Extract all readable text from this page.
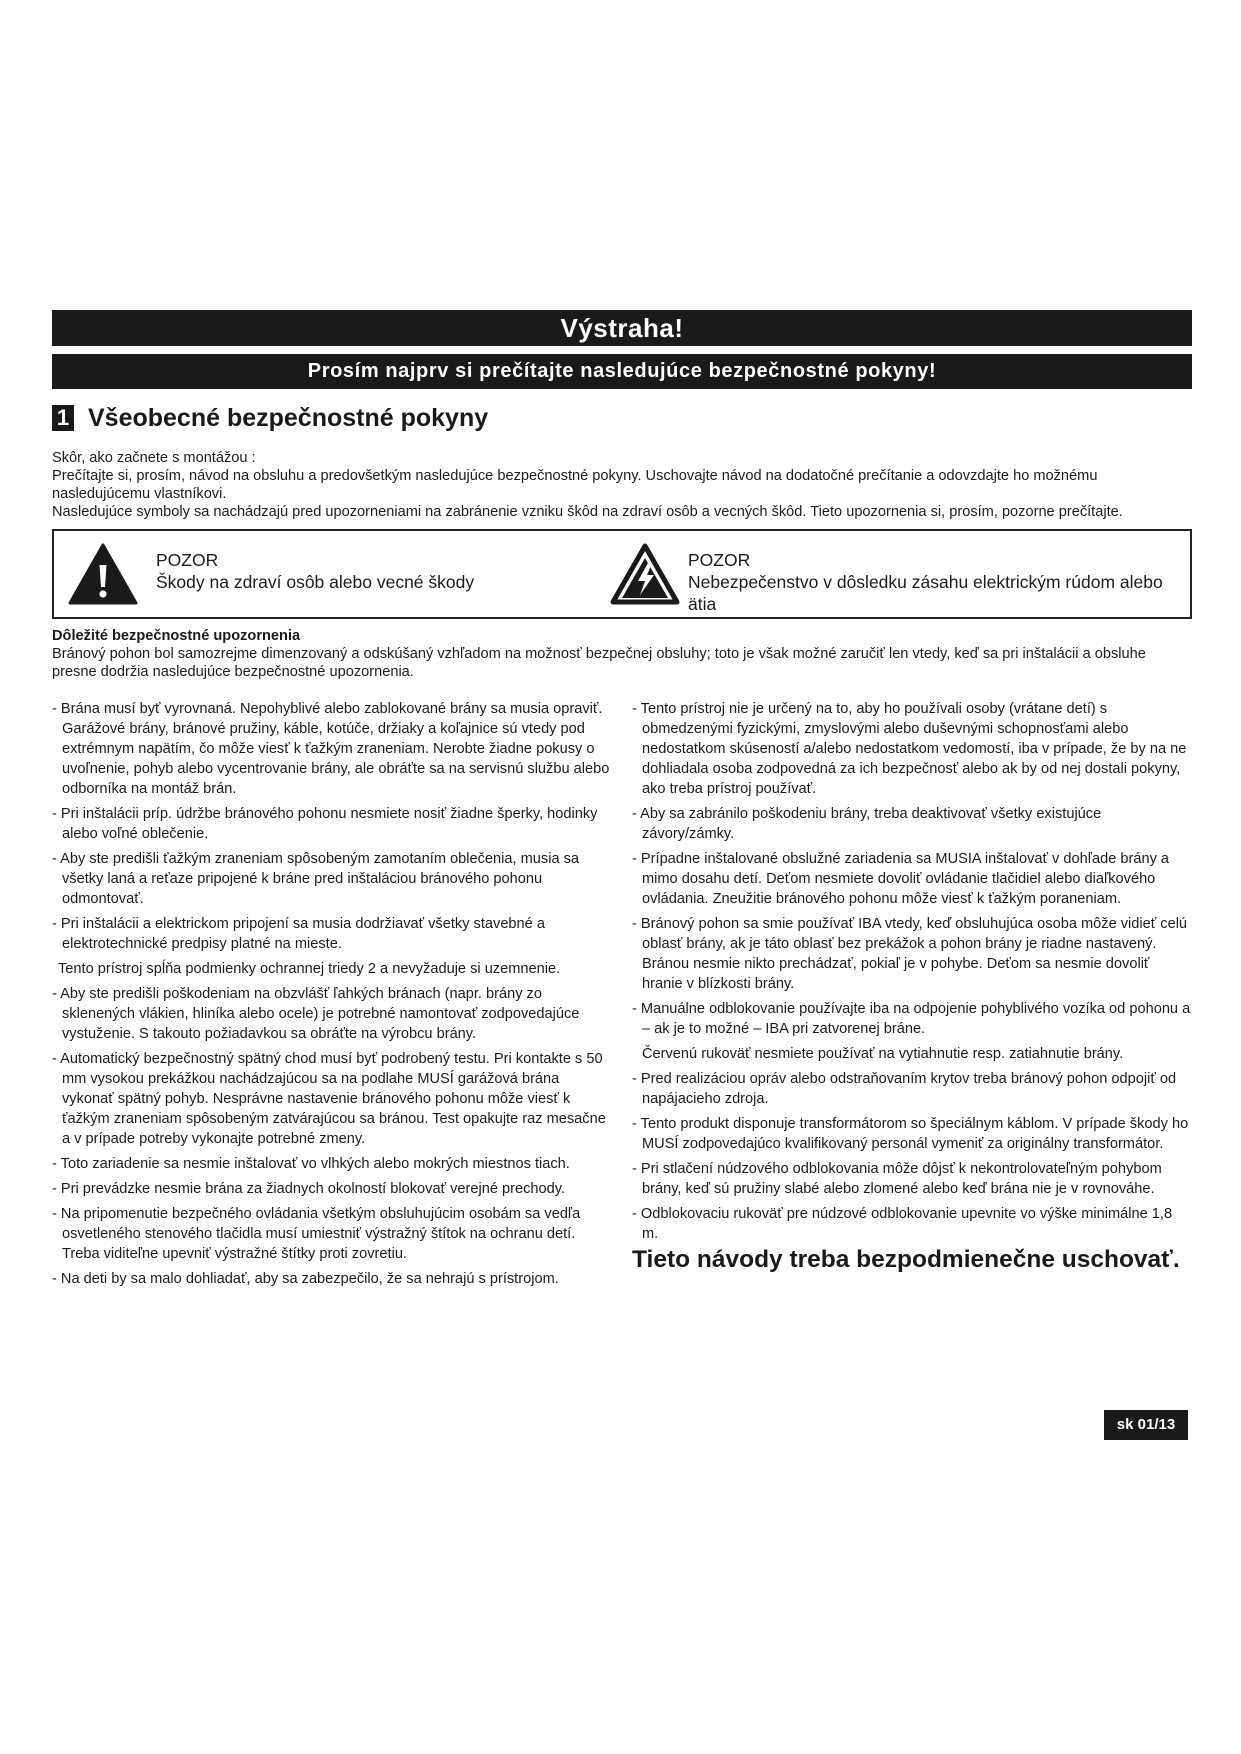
Výstraha!
Prosím najprv si prečítajte nasledujúce bezpečnostné pokyny!
1 Všeobecné bezpečnostné pokyny

Skôr, ako začnete s montážou :

Prečítajte si, prosím, návod na obsluhu a predovšetkým nasledujúce bezpečnostné pokyny. Uschovajte návod na dodatočné prečítanie a odovzdajte ho možnému nasledujúcemu vlastníkovi.

Nasledujúce symboly sa nachádzajú pred upozorneniami na zabránenie vzniku škôd na zdraví osôb a vecných škôd. Tieto upozornenia si, prosím, pozorne prečítajte.

POZOR
Škody na zdraví osôb alebo vecné škody
POZOR
Nebezpečenstvo v dôsledku zásahu elektrickým rúdom alebo ätia
Dôležité bezpečnostné upozornenia
Bránový pohon bol samozrejme dimenzovaný a odskúšaný vzhľadom na možnosť bezpečnej obsluhy; toto je však možné zaručiť len vtedy, keď sa pri inštalácii a obsluhe presne dodržia nasledujúce bezpečnostné upozornenia.
- Brána musí byť vyrovnaná. Nepohyblivé alebo zablokované brány sa musia opraviť. Garážové brány, bránové pružiny, káble, kotúče, držiaky a koľajnice sú vtedy pod extrémnym napätím, čo môže viesť k ťažkým zraneniam. Nerobte žiadne pokusy o uvoľnenie, pohyb alebo vycentrovanie brány, ale obráťte sa na servisnú službu alebo odborníka na montáž brán.
- Pri inštalácii príp. údržbe bránového pohonu nesmiete nosiť žiadne šperky, hodinky alebo voľné oblečenie.
- Aby ste predišli ťažkým zraneniam spôsobeným zamotaním oblečenia, musia sa všetky laná a reťaze pripojené k bráne pred inštaláciou bránového pohonu odmontovať.
- Pri inštalácii a elektrickom pripojení sa musia dodržiavať všetky stavebné a elektrotechnické predpisy platné na mieste.
Tento prístroj spĺňa podmienky ochrannej triedy 2 a nevyžaduje si uzemnenie.
- Aby ste predišli poškodeniam na obzvlášť ľahkých bránach (napr. brány zo sklenených vlákien, hliníka alebo ocele) je potrebné namontovať zodpovedajúce vystuženie. S takouto požiadavkou sa obráťte na výrobcu brány.
- Automatický bezpečnostný spätný chod musí byť podrobený testu. Pri kontakte s 50 mm vysokou prekážkou nachádzajúcou sa na podlahe MUSÍ garážová brána vykonať spätný pohyb. Nesprávne nastavenie bránového pohonu môže viesť k ťažkým zraneniam spôsobeným zatvárajúcou sa bránou. Test opakujte raz mesačne a v prípade potreby vykonajte potrebné zmeny.
- Toto zariadenie sa nesmie inštalovať vo vlhkých alebo mokrých miestnos tiach.
- Pri prevádzke nesmie brána za žiadnych okolností blokovať verejné prechody.
- Na pripomenutie bezpečného ovládania všetkým obsluhujúcim osobám sa vedľa osvetleného stenového tlačidla musí umiestniť výstražný štítok na ochranu detí. Treba viditeľne upevniť výstražné štítky proti zovretiu.
- Na deti by sa malo dohliadať, aby sa zabezpečilo, že sa nehrajú s prístrojom.
- Tento prístroj nie je určený na to, aby ho používali osoby (vrátane detí) s obmedzenými fyzickými, zmyslovými alebo duševnými schopnosťami alebo nedostatkom skúseností a/alebo nedostatkom vedomostí, iba v prípade, že by na ne dohliadala osoba zodpovedná za ich bezpečnosť alebo ak by od nej dostali pokyny, ako treba prístroj používať.
- Aby sa zabránilo poškodeniu brány, treba deaktivovať všetky existujúce závory/zámky.
- Prípadne inštalované obslužné zariadenia sa MUSIA inštalovať v dohľade brány a mimo dosahu detí. Deťom nesmiete dovoliť ovládanie tlačidiel alebo diaľkového ovládania. Zneužitie bránového pohonu môže viesť k ťažkým poraneniam.
- Bránový pohon sa smie používať IBA vtedy, keď obsluhujúca osoba môže vidieť celú oblasť brány, ak je táto oblasť bez prekážok a pohon brány je riadne nastavený. Bránou nesmie nikto prechádzať, pokiaľ je v pohybe. Deťom sa nesmie dovoliť hranie v blízkosti brány.
- Manuálne odblokovanie používajte iba na odpojenie pohyblivého vozíka od pohonu a – ak je to možné – IBA pri zatvorenej bráne.
Červenú rukoväť nesmiete používať na vytiahnutie resp. zatiahnutie brány.
- Pred realizáciou opráv alebo odstraňovaním krytov treba bránový pohon odpojiť od napájacieho zdroja.
- Tento produkt disponuje transformátorom so špeciálnym káblom. V prípade škody ho MUSÍ zodpovedajúco kvalifikovaný personál vymeniť za originálny transformátor.
- Pri stlačení núdzového odblokovania môže dôjsť k nekontrolovateľným pohybom brány, keď sú pružiny slabé alebo zlomené alebo keď brána nie je v rovnováhe.
- Odblokovaciu rukoväť pre núdzové odblokovanie upevnite vo výške minimálne 1,8 m.
Tieto návody treba bezpodmienečne uschovať.
sk 01/13
